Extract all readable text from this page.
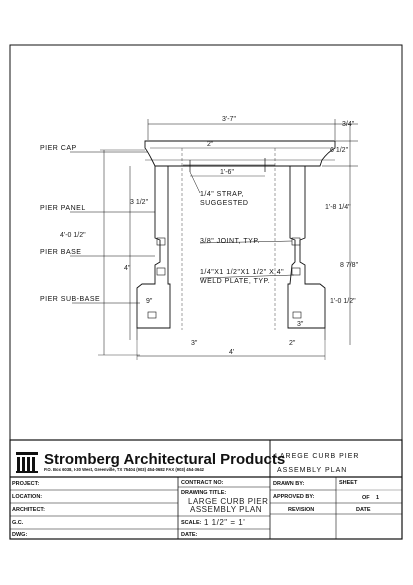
PIER CAP
PIER PANEL
PIER BASE
PIER SUB-BASE
1/4" STRAP,
SUGGESTED
3/8" JOINT, TYP.
1/4"X1 1/2"X1 1/2" X 4"
WELD PLATE, TYP.
3'-7"
3/4"
6 1/2"
2"
1'-6"
3 1/2"
4'-0 1/2"
1'-8 1/4"
8 7/8"
4"
1'-0 1/2"
9"
3"
4'
3"
2"
Stromberg Architectural Products
P.O. Box 6038, I-30 West, Greenville, TX 75404 (903) 454-0682 FAX (903) 454-3642
LAREGE CURB PIER
ASSEMBLY PLAN
PROJECT:
LOCATION:
ARCHITECT:
G.C.
DWG:
CONTRACT NO:
DRAWING TITLE:
LARGE CURB PIER
ASSEMBLY PLAN
SCALE: 1 1/2" = 1'
DATE:
DRAWN BY:
APPROVED BY:
SHEET
OF 1
REVISION	DATE
